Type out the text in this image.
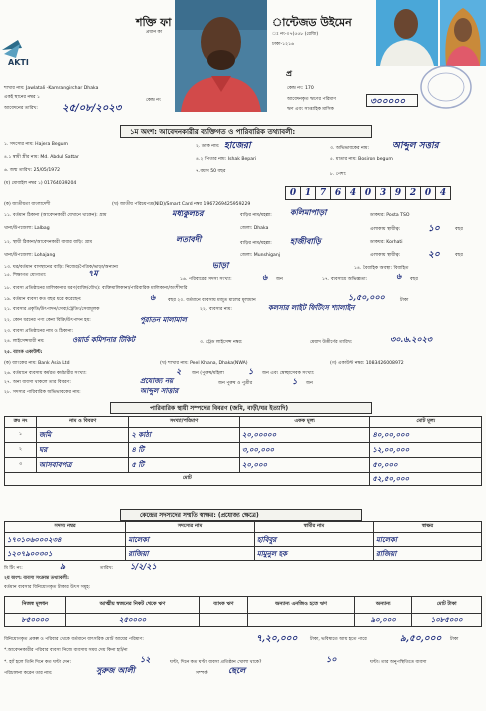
AKTI
শক্তি ফা
প্রধান কা
ান্টেজড উইমেন
ঃ নং-০৭(৫৫৮ (রেজি)
ঢাকা-১২১৬
প্র
শাখার নাম: Jawlatali -Kamrangirchar Dhaka
একই স্থানের নম্বর ১
আবেদনের তারিখ: ২৫/০৮/২০২৩
কেন্দ্র নং
কেন্দ্র নং: 170
আবেদনকৃত ঋণের পরিমাণ	৩০০০০০
ঋণ এবং সাপ্তাহিক মাসিক
১ম অংশ: আবেদনকারীর ব্যক্তিগত ও পারিবারিক তথ্যাবলী:
১. সদস্যের নাম: Hajera Begum	২. ডাক নাম: হাজেরা	৩. অভিভাবকের নাম:	আব্দুল সত্তার
৪.১ স্বামী স্ত্রীর নাম: Md. Abdul Sattar	৪.২ পিতার নাম: Ishak Bepari	৫. মাতার নাম: Bosiron begum
৬. জন্ম তারিখ: 25/05/1972	৭.বয়স 50 বছর
৮. পেশা:
(ম) মোবাইল নম্বর ১) 01764039204
0 1 7 6 4 0 3 9 2 0 4
(ক) জাতীয়তা বাংলাদেশী	(খ) জাতীয় পরিচয়পত্র(NID)/Smart Card নম্বর 1967269425959229
১১. বর্তমান ঠিকানা (আবেদনকারী যেখানে থাকেন): গ্রাম	মধ্যকুলচর	বাড়ির নাম/মহল্লা: কলিমাপাড়া	ডাকঘর: Posta TSO
থানা/উপজেলা: Lalbag	জেলা: Dhaka	এলাকায় স্থায়ীত্ব:	১০	বছর
১২. স্থায়ী ঠিকানা/আবেদনকারী বাবার বাড়ি: গ্রাম	লতাবদী	বাড়ির নাম/মহল্লা: হাজীবাড়ি	ডাকঘর: Korhati
থানা/উপজেলা: Lohajang	জেলা: Munshiganj	এলাকায় স্থায়ীত্ব:	২০	বছর
১৩. ঘর/বর্তমান বাসস্থানের বাড়ি: নিজের/পৈত্রিক/ভাড়া/অন্যান্য	ভাড়া	১৪. বৈবাহিক অবস্থা: বিবাহিত
১৫. শিক্ষাগত যোগ্যতা:	৭ম
১৬. পরিবারের সদস্য সংখ্যা:	৬ জন	১৭. ব্যবসায়ে অভিজ্ঞতা:	৬ বছর
১৮. ব্যবসা প্রতিষ্ঠানের মালিকানার ধরণ(ব্যক্তি/যৌথ): ব্যক্তিমালিকানা/পারিবারিক মালিকানা/অংশীদারি
১৯. বর্তমান ব্যবসা কত বছর ধরে করেছেন:	৬	বছর ২০. বর্তমানে ব্যবসায় মজুত মালের মূল্যমান	১,৫০,০০০	টাকা
২১. ব্যবসার প্রকৃতি/উৎপাদন/সেবা/ট্রেডিং/সেবামূলক	২২. ব্যবসার নাম:	কলসার লাইট ফিটিংস শ্যালাইন
২২. কোন ধরনের পণ্য কেনা বিক্রি/উৎপাদন হয়:	পুরাতন মালামাল
২৩. ব্যবসা প্রতিষ্ঠানের নাম ও ঠিকানা:
২৪. লাইসেন্সধারী নম:	ওয়ার্ড কমিশনার টিকিট	৩. ট্রেড লাইসেন্স নম্বর:	মেয়াদ উত্তীর্ণের তারিখ:	৩০.৬.২০২৩
২৫. ব্যাংক একাউন্ট:
(ক) ব্যাংকের নাম: Bank Asia Ltd	(খ) শাখার নাম: Peel Khana, Dhaka(NWA)	(গ) একাউন্ট নম্বর: 1083426008972
২৬. বর্তমানে ব্যবসায় কর্মরত কর্মচারীর সংখ্যা:	২ জন (পুরুষ/মহিলা	১ জন এবং স্বেচ্ছাসেবক সংখ্যা:
২৭. অন্য ব্যবসা থাকলে তার বিবরণ:	প্রযোজ্য নয়	জন পুরুষ ও পুত্রীর	১ জন
২৮. সদস্যর পারিবারিক অভিভাবকের নাম:	আব্দুল সাত্তার
পারিবারিক স্থায়ী সম্পদের বিবরণ (জমি, বাড়ী/ঘর ইত্যাদি)
ক্রঃ নং	নাম ও বিবরণ	সংখ্যা/পরিমাণ	একক মূল্য	মোট মূল্য
১	জমি	২ কাঠা	২০,০০০০০	৪০,০০,০০০
২	ঘর	৪ টি	৩,০০,০০০	১২,০০,০০০
৩	আসবাবপত্র	৫ টি	২০,০০০	৫০,০০০
মোট				৫২,৫০,০০০
কেন্দ্রের সদস্যদের সম্মতি স্বাক্ষর: (প্রযোজ্য ক্ষেত্রে)
সদস্য নম্বর	সদস্যের নাম	স্বামীর নাম	স্বাক্ষর
১৭০১০৬০০০২৩৪	মালেকা	হাবিবুর	মালেকা
১২০৭৯০০৩০১	রাজিয়া	মামুনুল হক	রাজিয়া
মি টিং নং:	৯	তারিখ: ১/২/২১
২য় অংশ: ব্যবসা সংক্রান্ত তথ্যাবলী:
বর্তমান ব্যবসার বিনিয়োগকৃত টাকার উৎস সমূহ:
নিজস্ব মূলধন	আত্মীয় স্বজনের নিকট থেকে ঋণ	ব্যাংক ঋণ	অন্যান্য এনজিও হতে ঋণ	অন্যান্য	মোট টাকা
৮৫০০০০	২৫০০০০			৯০,০০০	১০৮৫০০০
বিনিয়োগকৃত প্রকল্প ও পরিবার থেকে বর্তমানে বাৎসরিক মোট আয়ের পরিমাণ:	৭,২০,০০০	টাকা, ভবিষ্যতে আয় হতে পারে	৯,৫০,০০০ টাকা
*.আবেদনকারীর পরিবার ব্যবসা নিজে ব্যবসায় সময় দেয় কিনা হ্যাঁ/না
*. হ্যাঁ হলে তিনি দিনে কত ঘণ্টা দেন:	১২	ঘণ্টা, দিনে কত ঘণ্টা ব্যবসা প্রতিষ্ঠান খোলা থাকে?	১০	ঘণ্টা। তার অনুপস্থিতিতে ব্যবসা
পরিচালনা করেন তার নাম:	সুরুজ আলী	সম্পর্ক	ছেলে
